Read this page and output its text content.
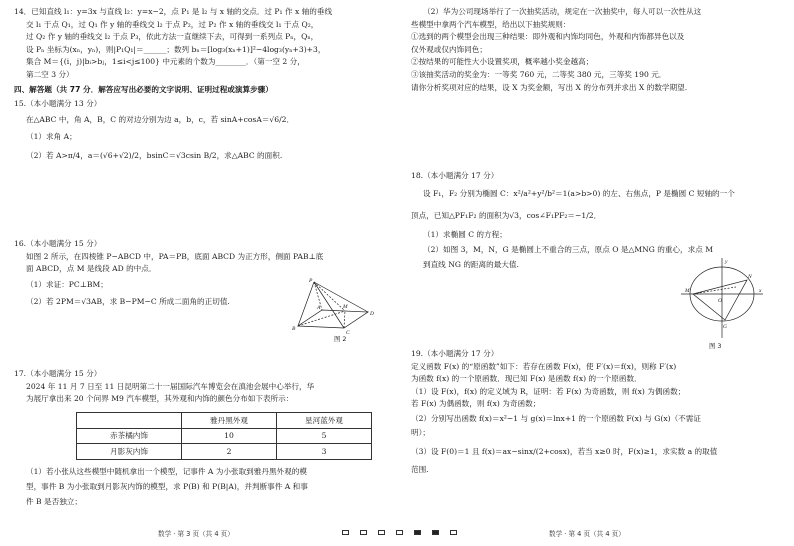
14．已知直线 l₁：y=3x 与直线 l₂：y=x−2，点 P₁ 是 l₂ 与 x 轴的交点．过 P₁ 作 x 轴的垂线
交 l₁ 于点 Q₁，过 Q₁ 作 y 轴的垂线交 l₂ 于点 P₂，过 P₂ 作 x 轴的垂线交 l₁ 于点 Q₂，
过 Q₂ 作 y 轴的垂线交 l₂ 于点 P₃，依此方法一直继续下去，可得到一系列点 Pₙ，Qₙ，
设 Pₙ 坐标为(xₙ，yₙ)，则|P₁Q₁|＝______；数列 bₙ＝[log₃(xₙ+1)]²−4log₃(yₙ+3)+3，
集合 M＝{(i，j)|bᵢ>bⱼ，1≤i<j≤100} 中元素的个数为________．（第一空 2 分，
第二空 3 分）
四、解答题（共 77 分．解答应写出必要的文字说明、证明过程或演算步骤）
15.（本小题满分 13 分）
在△ABC 中，角 A，B，C 的对边分别为边 a，b，c，若 sinA+cosA＝√6/2．
（1）求角 A；
（2）若 A>π/4，a＝(√6+√2)/2，bsinC＝√3csin B/2，求△ABC 的面积.
16.（本小题满分 15 分）
如图 2 所示，在四棱锥 P−ABCD 中，PA＝PB，底面 ABCD 为正方形，侧面 PAB⊥底
面 ABCD，点 M 是线段 AD 的中点．
（1）求证：PC⊥BM；
（2）若 2PM＝√3AB，求 B−PM−C 所成二面角的正切值.
P
B
C
D
A	M
图 2
17.（本小题满分 15 分）
2024 年 11 月 7 日至 11 日昆明第二十一届国际汽车博览会在滇池会展中心举行，华
为展厅拿出来 20 个问界 M9 汽车模型，其外观和内饰的颜色分布如下表所示：
	雅丹黑外观	星河蓝外观
赤茶橘内饰	10	5
月影灰内饰	2	3
（1）若小张从这些模型中随机拿出一个模型，记事件 A 为小张取到雅丹黑外观的模
型，事件 B 为小张取到月影灰内饰的模型，求 P(B) 和 P(B|A)，并判断事件 A 和事
件 B 是否独立；
数学 · 第 3 页（共 4 页）
（2）华为公司现场举行了一次抽奖活动，规定在一次抽奖中，每人可以一次性从这
些模型中拿两个汽车模型，给出以下抽奖规则：
①选到的两个模型会出现三种结果：即外观和内饰均同色，外观和内饰都异色以及
仅外观或仅内饰同色；
②按结果的可能性大小设置奖项，概率越小奖金越高；
③该抽奖活动的奖金为：一等奖 760 元，二等奖 380 元，三等奖 190 元．
请你分析奖项对应的结果，设 X 为奖金额，写出 X 的分布列并求出 X 的数学期望.
18.（本小题满分 17 分）
设 F₁，F₂ 分别为椭圆 C：x²/a²+y²/b²＝1(a>b>0) 的左、右焦点，P 是椭圆 C 短轴的一个
顶点，已知△PF₁F₂ 的面积为√3，cos∠F₁PF₂＝−1/2．
（1）求椭圆 C 的方程；
（2）如图 3，M，N，G 是椭圆上不重合的三点，原点 O 是△MNG 的重心，求点 M
到直线 NG 的距离的最大值.
M
N
G
O
x
y
图 3
19.（本小题满分 17 分）
定义函数 F(x) 的“原函数”如下：若存在函数 F(x)，使 F′(x)＝f(x)，则称 F′(x)
为函数 f(x) 的一个原函数．现已知 F(x) 是函数 f(x) 的一个原函数．
（1）设 F(x)，f(x) 的定义域为 R，证明：若 F(x) 为奇函数，则 f(x) 为偶函数；
若 F(x) 为偶函数，则 f(x) 为奇函数；
（2）分别写出函数 f(x)＝x²−1 与 g(x)＝lnx+1 的一个原函数 F(x) 与 G(x)（不需证
明）；
（3）设 F(0)＝1 且 f(x)＝ax−sinx/(2+cosx)，若当 x≥0 时，F(x)≥1，求实数 a 的取值
范围.
数学 · 第 4 页（共 4 页）
